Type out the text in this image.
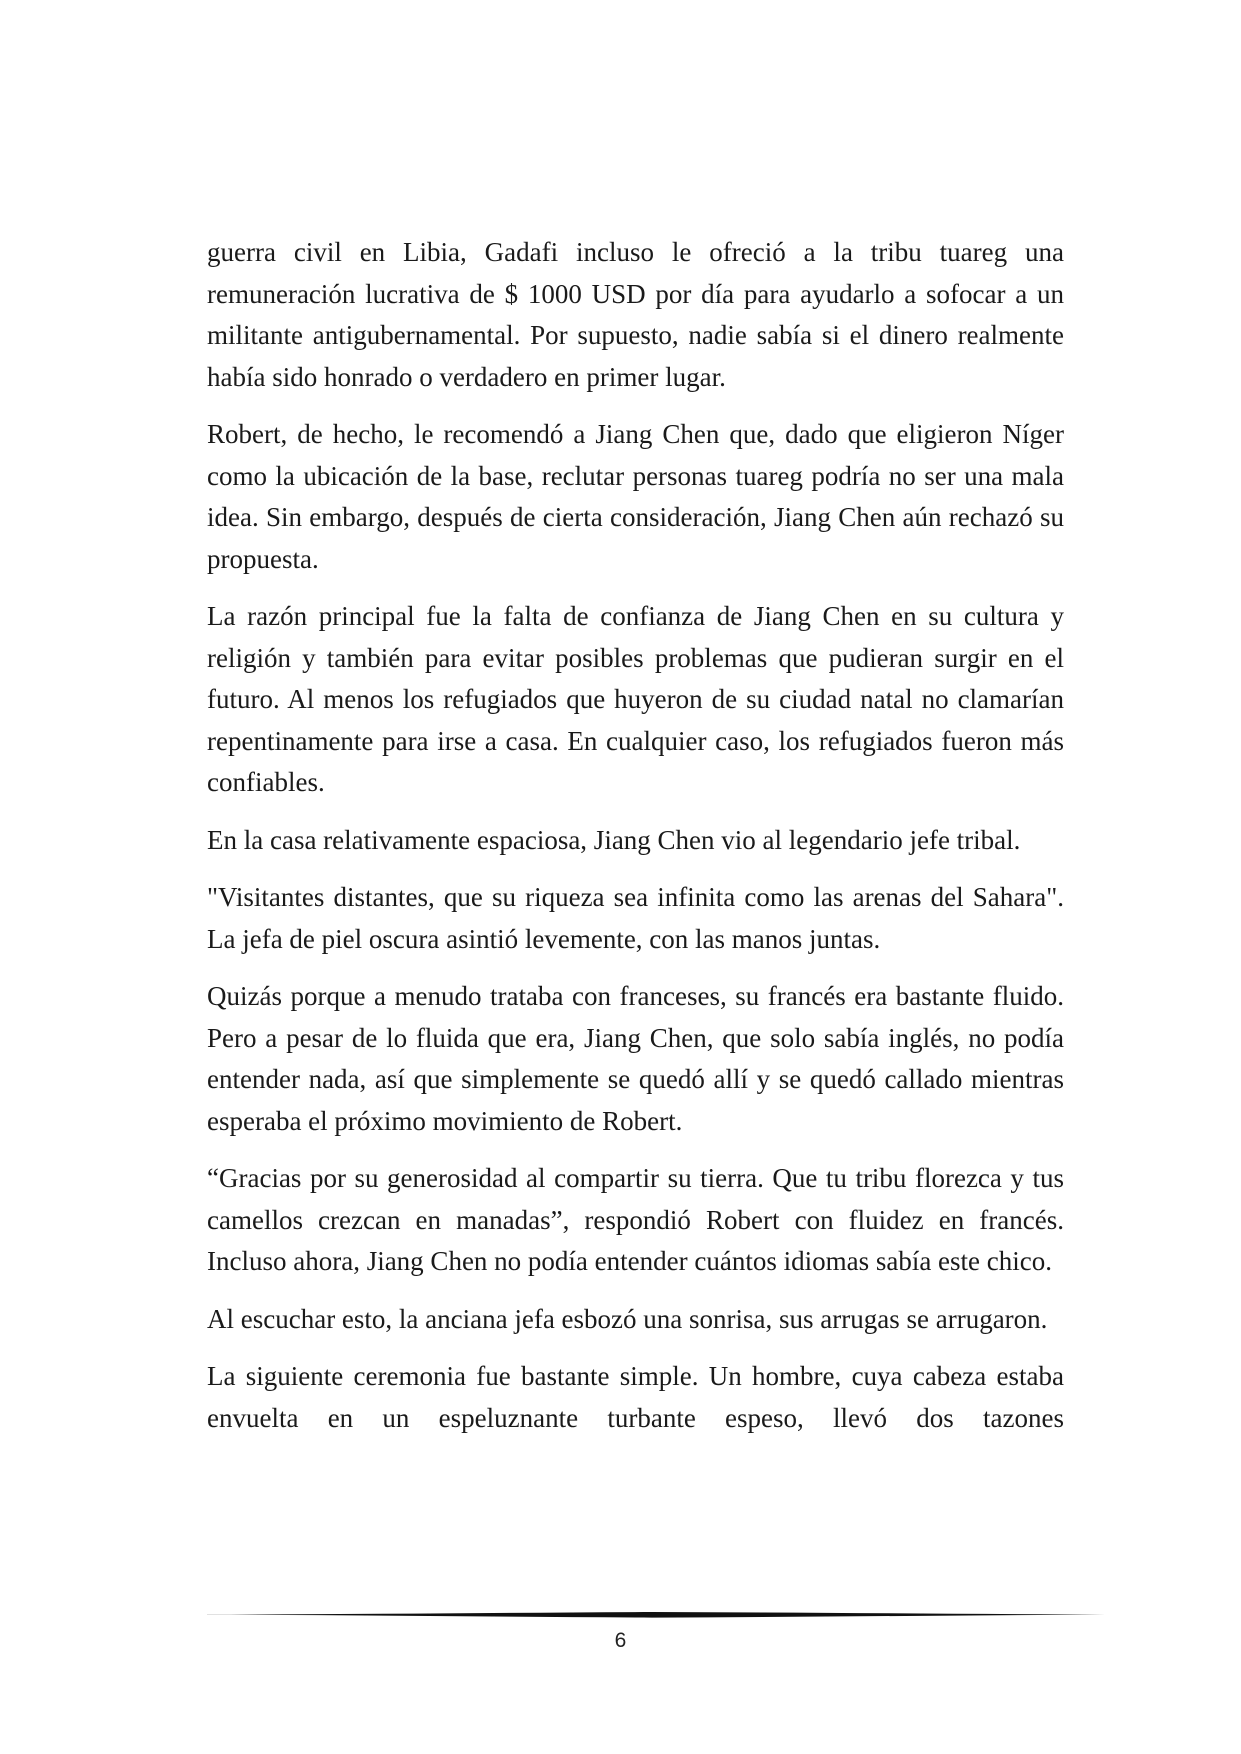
guerra civil en Libia, Gadafi incluso le ofreció a la tribu tuareg una remuneración lucrativa de $ 1000 USD por día para ayudarlo a sofocar a un militante antigubernamental. Por supuesto, nadie sabía si el dinero realmente había sido honrado o verdadero en primer lugar.

Robert, de hecho, le recomendó a Jiang Chen que, dado que eligieron Níger como la ubicación de la base, reclutar personas tuareg podría no ser una mala idea. Sin embargo, después de cierta consideración, Jiang Chen aún rechazó su propuesta.

La razón principal fue la falta de confianza de Jiang Chen en su cultura y religión y también para evitar posibles problemas que pudieran surgir en el futuro. Al menos los refugiados que huyeron de su ciudad natal no clamarían repentinamente para irse a casa. En cualquier caso, los refugiados fueron más confiables.

En la casa relativamente espaciosa, Jiang Chen vio al legendario jefe tribal.

"Visitantes distantes, que su riqueza sea infinita como las arenas del Sahara". La jefa de piel oscura asintió levemente, con las manos juntas.

Quizás porque a menudo trataba con franceses, su francés era bastante fluido. Pero a pesar de lo fluida que era, Jiang Chen, que solo sabía inglés, no podía entender nada, así que simplemente se quedó allí y se quedó callado mientras esperaba el próximo movimiento de Robert.

“Gracias por su generosidad al compartir su tierra. Que tu tribu florezca y tus camellos crezcan en manadas”, respondió Robert con fluidez en francés. Incluso ahora, Jiang Chen no podía entender cuántos idiomas sabía este chico.

Al escuchar esto, la anciana jefa esbozó una sonrisa, sus arrugas se arrugaron.

La siguiente ceremonia fue bastante simple. Un hombre, cuya cabeza estaba envuelta en un espeluznante turbante espeso, llevó dos tazones

6
